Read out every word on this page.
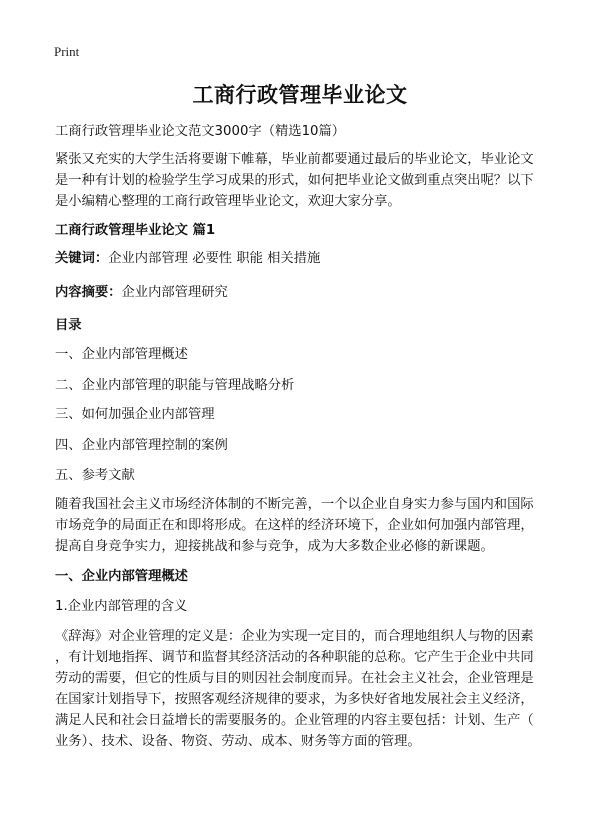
Print
工商行政管理毕业论文
工商行政管理毕业论文范文3000字（精选10篇）
紧张又充实的大学生活将要谢下帷幕，毕业前都要通过最后的毕业论文，毕业论文
是一种有计划的检验学生学习成果的形式，如何把毕业论文做到重点突出呢？以下
是小编精心整理的工商行政管理毕业论文，欢迎大家分享。
工商行政管理毕业论文 篇1
关键词：企业内部管理 必要性 职能 相关措施
内容摘要：企业内部管理研究
目录
一、企业内部管理概述
二、企业内部管理的职能与管理战略分析
三、如何加强企业内部管理
四、企业内部管理控制的案例
五、参考文献
随着我国社会主义市场经济体制的不断完善，一个以企业自身实力参与国内和国际
市场竞争的局面正在和即将形成。在这样的经济环境下，企业如何加强内部管理，
提高自身竞争实力，迎接挑战和参与竞争，成为大多数企业必修的新课题。
一、企业内部管理概述
1.企业内部管理的含义
《辞海》对企业管理的定义是：企业为实现一定目的，而合理地组织人与物的因素
，有计划地指挥、调节和监督其经济活动的各种职能的总称。它产生于企业中共同
劳动的需要，但它的性质与目的则因社会制度而异。在社会主义社会，企业管理是
在国家计划指导下，按照客观经济规律的要求，为多快好省地发展社会主义经济，
满足人民和社会日益增长的需要服务的。企业管理的内容主要包括：计划、生产（
业务）、技术、设备、物资、劳动、成本、财务等方面的管理。
